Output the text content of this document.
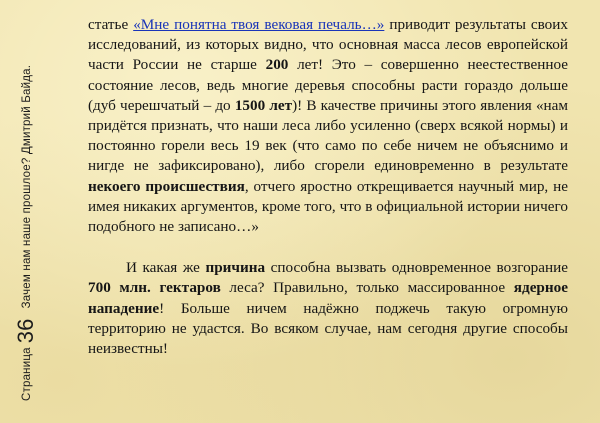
Страница36Зачем нам наше прошлое? Дмитрий Байда.

статье «Мне понятна твоя вековая печаль…» приводит результаты своих исследований, из которых видно, что основная масса лесов европейской части России не старше 200 лет! Это – совершенно неестественное состояние лесов, ведь многие деревья способны расти гораздо дольше (дуб черешчатый – до 1500 лет)! В качестве причины этого явления «нам придётся признать, что наши леса либо усиленно (сверх всякой нормы) и постоянно горели весь 19 век (что само по себе ничем не объяснимо и нигде не зафиксировано), либо сгорели единовременно в результате некоего происшествия, отчего яростно открещивается научный мир, не имея никаких аргументов, кроме того, что в официальной истории ничего подобного не записано…»

И какая же причина способна вызвать одновременное возгорание 700 млн. гектаров леса? Правильно, только массированное ядерное нападение! Больше ничем надёжно поджечь такую огромную территорию не удастся. Во всяком случае, нам сегодня другие способы неизвестны!
